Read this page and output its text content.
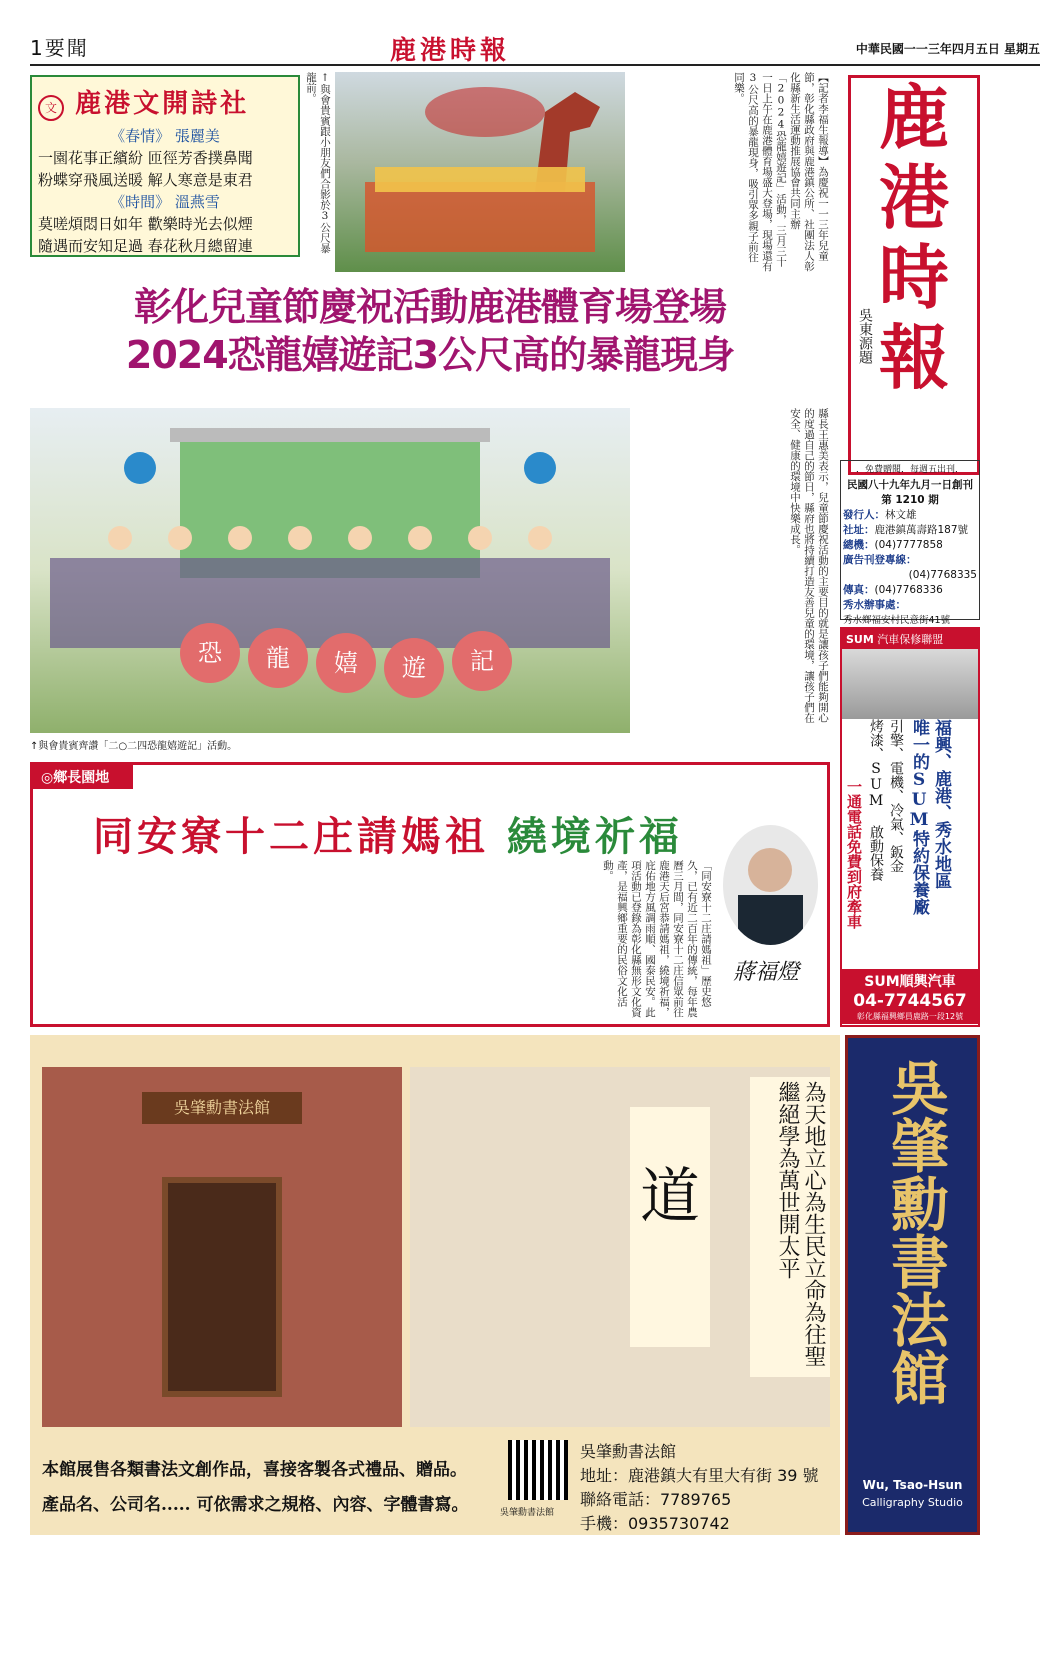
1要聞	鹿港時報	中華民國一一三年四月五日 星期五
文 鹿港文開詩社
《春情》 張麗美
一園花事正繽紛 匝徑芳香撲鼻聞
粉蝶穿飛風送暖 解人寒意是東君
《時間》 溫燕雪
莫嗟煩悶日如年 歡樂時光去似煙
隨遇而安知足過 春花秋月總留連	↑與會貴賓跟小朋友們合影於3公尺暴龍前。	【記者李福生報導】為慶祝一一三年兒童節，彰化縣政府與鹿港鎮公所、社團法人彰化縣新生活運動推展協會共同主辦「2024恐龍嬉遊記」活動，三月三十一日上午在鹿港體育場盛大登場，現場還有3公尺高的暴龍現身，吸引眾多親子前往同樂。
彰化兒童節慶祝活動鹿港體育場登場
2024恐龍嬉遊記3公尺高的暴龍現身
恐	龍	嬉	遊	記
↑與會貴賓齊讚「二○二四恐龍嬉遊記」活動。
縣長王惠美表示，兒童節慶祝活動的主要目的就是讓孩子們能夠開心的度過自己的節日，縣府也將持續打造友善兒童的環境，讓孩子們在安全、健康的環境中快樂成長。
鹿
港
時
報
吳東源題
．免費贈閱．每週五出刊．
民國八十九年九月一日創刊
第 1210 期
發行人：林文雄
社址：鹿港鎮萬壽路187號
總機：(04)7777858
廣告刊登專線：
(04)7768335
傳真：(04)7768336
秀水辦事處：
秀水鄉福安村民意街41號
SUM 汽車保修聯盟
福興、鹿港、秀水地區
唯一的SUM特約保養廠
引擎、電機、冷氣、鈑金
烤漆、SUM 啟動保養
一通電話免費到府牽車
SUM順興汽車
04-7744567
彰化縣福興鄉員鹿路一段12號
◎鄉長園地
同安寮十二庄請媽祖 繞境祈福
「同安寮十二庄請媽祖」歷史悠久，已有近二百年的傳統，每年農曆三月間，同安寮十二庄信眾前往鹿港天后宮恭請媽祖，繞境祈福，庇佑地方風調雨順、國泰民安。此項活動已登錄為彰化縣無形文化資產，是福興鄉重要的民俗文化活動。
蔣福燈
吳肇勳書法館	為天地立心為生民立命為往聖繼絕學為萬世開太平
道
本館展售各類書法文創作品，喜接客製各式禮品、贈品。
產品名、公司名..... 可依需求之規格、內容、字體書寫。	吳肇勳書法館
吳肇勳書法館
地址：鹿港鎮大有里大有街 39 號
聯絡電話：7789765
手機：0935730742
吳肇勳書法館
Wu, Tsao-Hsun
Calligraphy Studio
